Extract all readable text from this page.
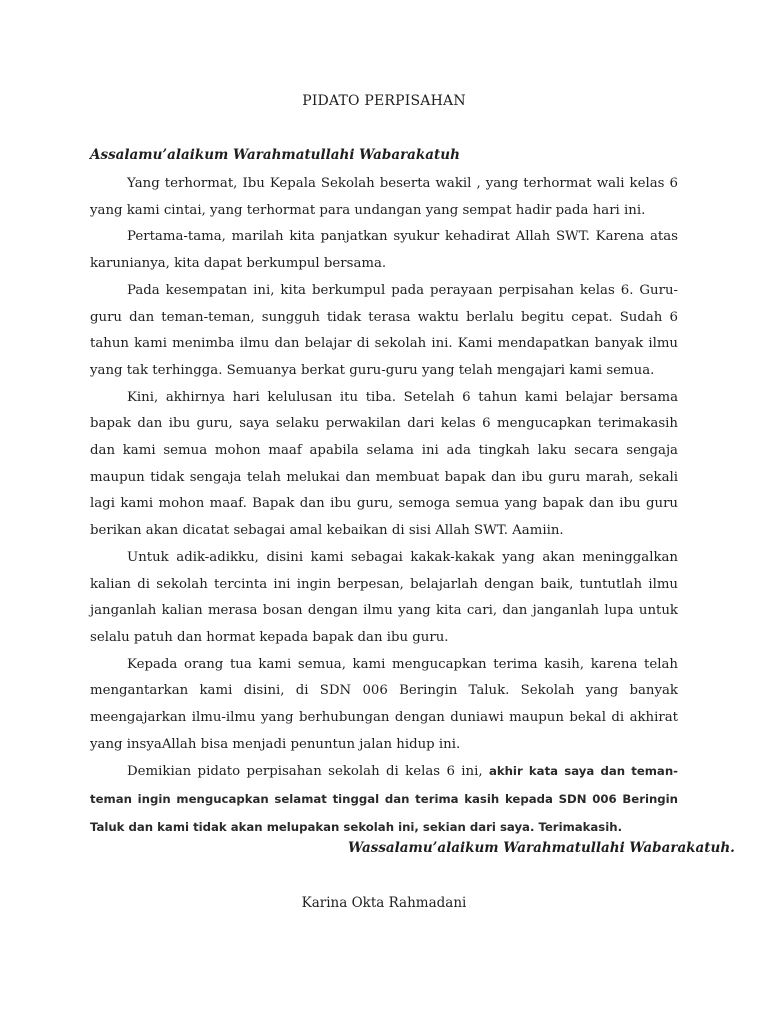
PIDATO PERPISAHAN
Assalamu’alaikum Warahmatullahi Wabarakatuh

Yang terhormat, Ibu Kepala Sekolah beserta wakil , yang terhormat wali kelas 6 yang kami cintai, yang terhormat para undangan yang sempat hadir pada hari ini.

Pertama-tama, marilah kita panjatkan syukur kehadirat Allah SWT. Karena atas karunianya, kita dapat berkumpul bersama.

Pada kesempatan ini, kita berkumpul pada perayaan perpisahan kelas 6. Guru-guru dan teman-teman, sungguh tidak terasa waktu berlalu begitu cepat. Sudah 6 tahun kami menimba ilmu dan belajar di sekolah ini. Kami mendapatkan banyak ilmu yang tak terhingga. Semuanya berkat guru-guru yang telah mengajari kami semua.

Kini, akhirnya hari kelulusan itu tiba. Setelah 6 tahun kami belajar bersama bapak dan ibu guru, saya selaku perwakilan dari kelas 6 mengucapkan terimakasih dan kami semua mohon maaf apabila selama ini ada tingkah laku secara sengaja maupun tidak sengaja telah melukai dan membuat bapak dan ibu guru marah, sekali lagi kami mohon maaf. Bapak dan ibu guru, semoga semua yang bapak dan ibu guru berikan akan dicatat sebagai amal kebaikan di sisi Allah SWT. Aamiin.

Untuk adik-adikku, disini kami sebagai kakak-kakak yang akan meninggalkan kalian di sekolah tercinta ini ingin berpesan, belajarlah dengan baik, tuntutlah ilmu janganlah kalian merasa bosan dengan ilmu yang kita cari, dan janganlah lupa untuk selalu patuh dan hormat kepada bapak dan ibu guru.

Kepada orang tua kami semua, kami mengucapkan terima kasih, karena telah mengantarkan kami disini, di SDN 006 Beringin Taluk. Sekolah yang banyak meengajarkan ilmu-ilmu yang berhubungan dengan duniawi maupun bekal di akhirat yang insyaAllah bisa menjadi penuntun jalan hidup ini.

Demikian pidato perpisahan sekolah di kelas 6 ini, akhir kata saya dan teman-teman ingin mengucapkan selamat tinggal dan terima kasih kepada SDN 006 Beringin Taluk dan kami tidak akan melupakan sekolah ini, sekian dari saya. Terimakasih.

Wassalamu’alaikum Warahmatullahi Wabarakatuh.
Karina Okta Rahmadani
